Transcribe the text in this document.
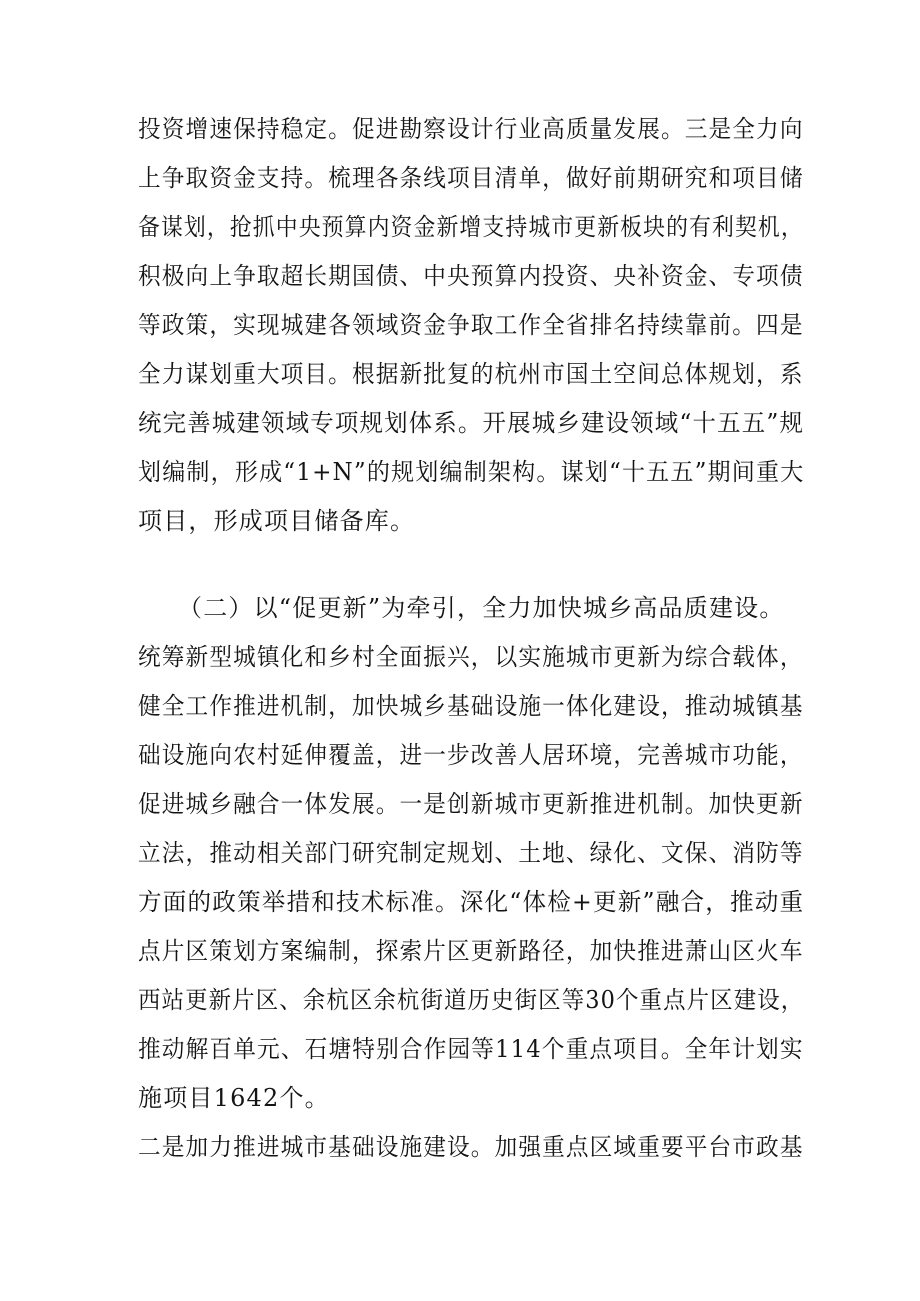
投资增速保持稳定。促进勘察设计行业高质量发展。三是全力向
上争取资金支持。梳理各条线项目清单，做好前期研究和项目储
备谋划，抢抓中央预算内资金新增支持城市更新板块的有利契机，
积极向上争取超长期国债、中央预算内投资、央补资金、专项债
等政策，实现城建各领域资金争取工作全省排名持续靠前。四是
全力谋划重大项目。根据新批复的杭州市国土空间总体规划，系
统完善城建领域专项规划体系。开展城乡建设领域“十五五”规
划编制，形成“1+N”的规划编制架构。谋划“十五五”期间重大
项目，形成项目储备库。
（二）以“促更新”为牵引，全力加快城乡高品质建设。
统筹新型城镇化和乡村全面振兴，以实施城市更新为综合载体，
健全工作推进机制，加快城乡基础设施一体化建设，推动城镇基
础设施向农村延伸覆盖，进一步改善人居环境，完善城市功能，
促进城乡融合一体发展。一是创新城市更新推进机制。加快更新
立法，推动相关部门研究制定规划、土地、绿化、文保、消防等
方面的政策举措和技术标准。深化“体检+更新”融合，推动重
点片区策划方案编制，探索片区更新路径，加快推进萧山区火车
西站更新片区、余杭区余杭街道历史街区等30个重点片区建设，
推动解百单元、石塘特别合作园等114个重点项目。全年计划实
施项目1642个。
二是加力推进城市基础设施建设。加强重点区域重要平台市政基
